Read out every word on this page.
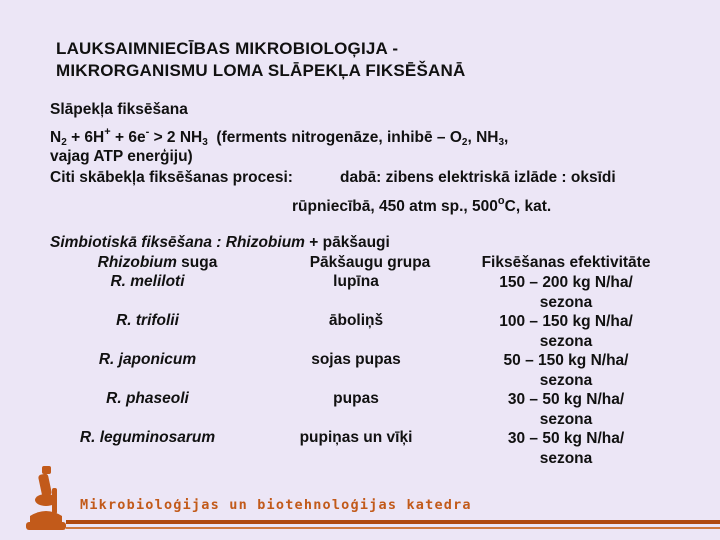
LAUKSAIMNIECĪBAS MIKROBIOLOĢIJA -
MIKRORGANISMU LOMA SLĀPEKĻA FIKSĒŠANĀ
Slāpekļa fiksēšana
$N_2 + 6H^+ + 6e^- > 2$ $NH_3$  (ferments nitrogenāze, inhibē – $O_2$, $NH_3$,
vajag ATP enerģiju)
Citi skābekļa fiksēšanas procesi:	dabā: zibens elektriskā izlāde : oksīdi
rūpniecībā, 450 atm sp., 500$^o$C, kat.
Simbiotiskā fiksēšana : Rhizobium + pākšaugi
Rhizobium suga	Pākšaugu grupa	Fiksēšanas efektivitāte
R. meliloti	lupīna	150 – 200 kg N/ha/
sezona
R. trifolii	āboliņš	100 – 150 kg N/ha/
sezona
R. japonicum	sojas pupas	50 – 150 kg N/ha/
sezona
R. phaseoli	pupas	30 – 50 kg N/ha/
sezona
R. leguminosarum	pupiņas un vīķi	30 – 50 kg N/ha/
sezona
Mikrobioloģijas un biotehnoloģijas katedra
